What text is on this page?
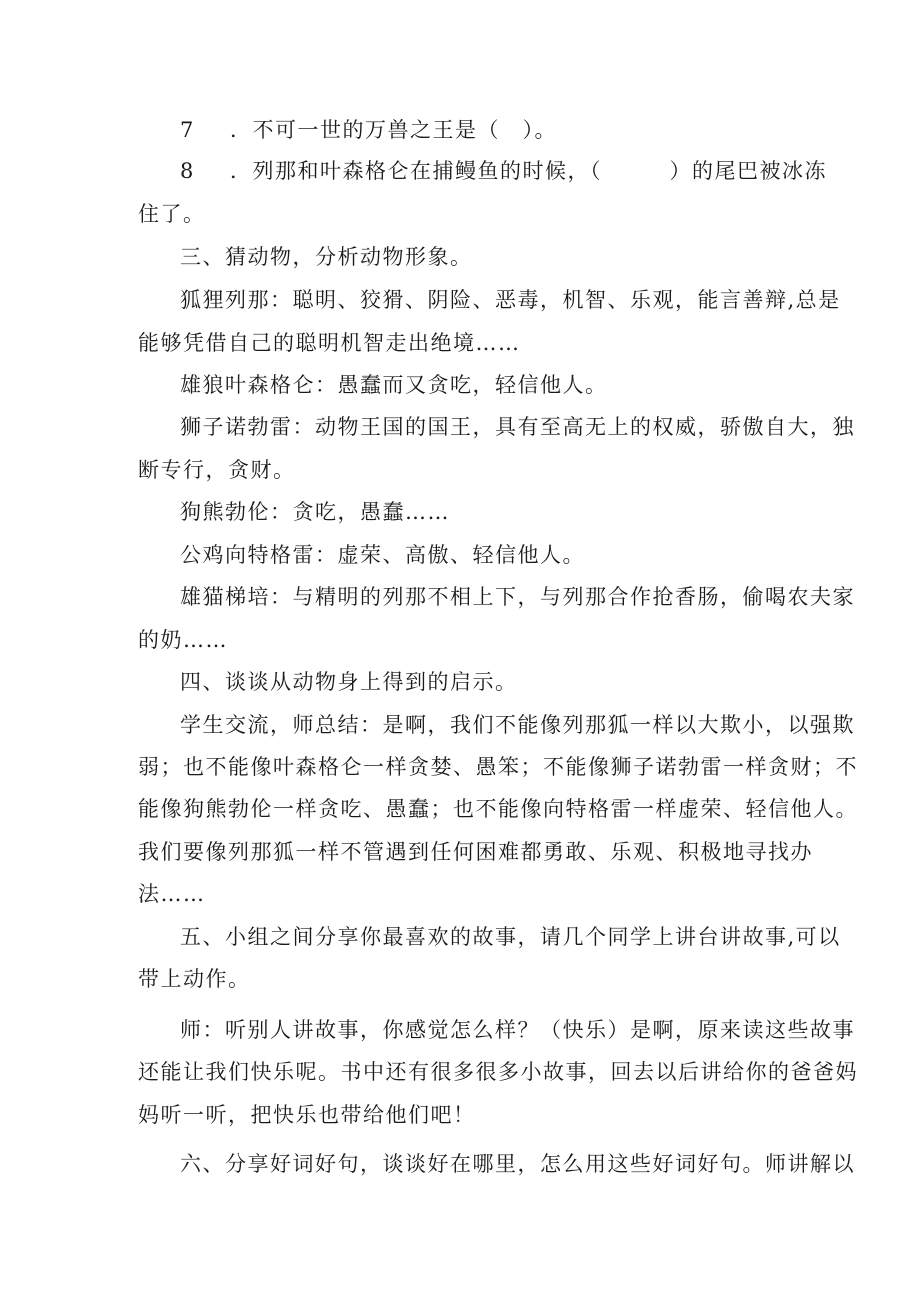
7 ．不可一世的万兽之王是（　）。
8 ．列那和叶森格仑在捕鳗鱼的时候，（　　　）的尾巴被冰冻
住了。
三、猜动物，分析动物形象。
狐狸列那：聪明、狡猾、阴险、恶毒，机智、乐观，能言善辩,总是
能够凭借自己的聪明机智走出绝境……
雄狼叶森格仑：愚蠢而又贪吃，轻信他人。
狮子诺勃雷：动物王国的国王，具有至高无上的权威，骄傲自大，独
断专行，贪财。
狗熊勃伦：贪吃，愚蠢……
公鸡向特格雷：虚荣、高傲、轻信他人。
雄猫梯培：与精明的列那不相上下，与列那合作抢香肠，偷喝农夫家
的奶……
四、谈谈从动物身上得到的启示。
学生交流，师总结：是啊，我们不能像列那狐一样以大欺小，以强欺
弱；也不能像叶森格仑一样贪婪、愚笨；不能像狮子诺勃雷一样贪财；不
能像狗熊勃伦一样贪吃、愚蠢；也不能像向特格雷一样虚荣、轻信他人。
我们要像列那狐一样不管遇到任何困难都勇敢、乐观、积极地寻找办
法……
五、小组之间分享你最喜欢的故事，请几个同学上讲台讲故事,可以
带上动作。
师：听别人讲故事，你感觉怎么样？（快乐）是啊，原来读这些故事
还能让我们快乐呢。书中还有很多很多小故事，回去以后讲给你的爸爸妈
妈听一听，把快乐也带给他们吧！
六、分享好词好句，谈谈好在哪里，怎么用这些好词好句。师讲解以
